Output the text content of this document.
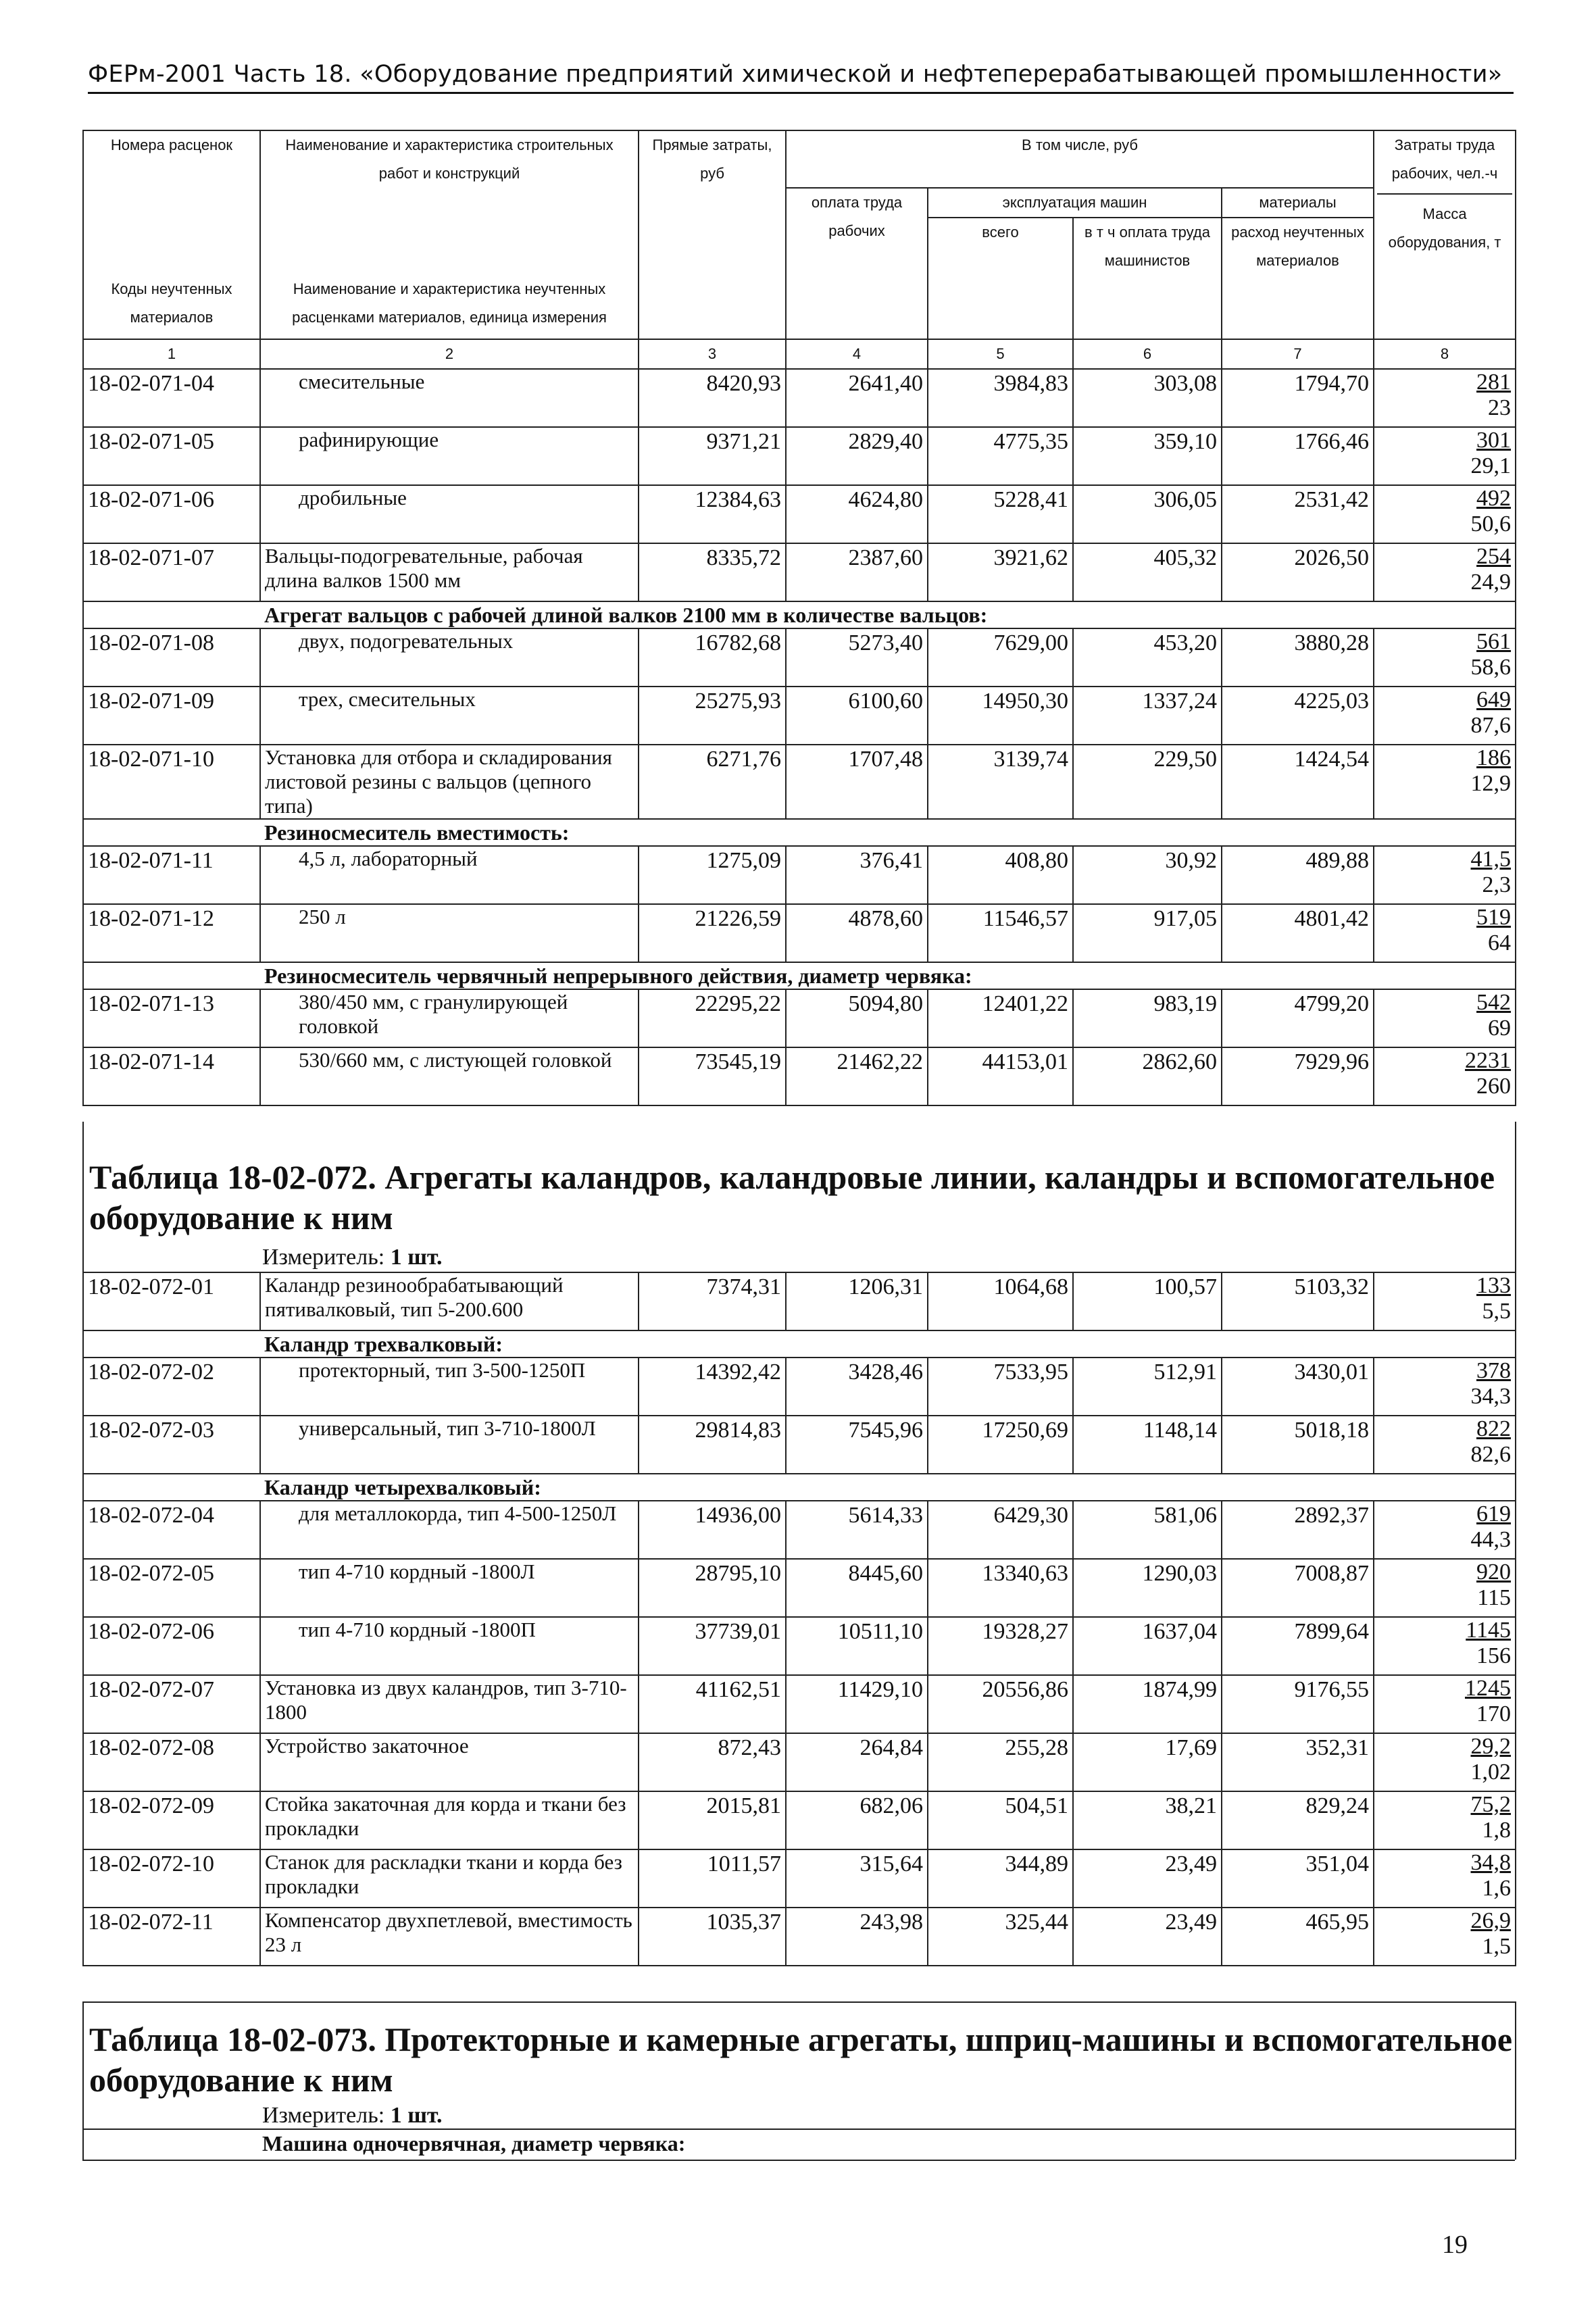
ФЕРм-2001 Часть 18. «Оборудование предприятий химической и нефтеперерабатывающей промышленности»
Номера расценок	Наименование и характеристика строительных работ и конструкций	Прямые затраты, руб	В том числе, руб				Затраты труда рабочих, чел.-ч
Масса оборудования, т

Коды неучтенных материалов	Наименование и характеристика неучтенных расценками материалов, единица измерения		оплата труда рабочих	эксплуатация машин		материалы	
				всего	в т ч оплата труда машинистов	расход неучтенных материалов	
1	2	3	4	5	6	7	8
18-02-071-04	смесительные	8420,93	2641,40	3984,83	303,08	1794,70	281
23

18-02-071-05	рафинирующие	9371,21	2829,40	4775,35	359,10	1766,46	301
29,1

18-02-071-06	дробильные	12384,63	4624,80	5228,41	306,05	2531,42	492
50,6

18-02-071-07	Вальцы-подогревательные, рабочая длина валков 1500 мм	8335,72	2387,60	3921,62	405,32	2026,50	254
24,9

	Агрегат вальцов с рабочей длиной валков 2100 мм в количестве вальцов:						
18-02-071-08	двух, подогревательных	16782,68	5273,40	7629,00	453,20	3880,28	561
58,6

18-02-071-09	трех, смесительных	25275,93	6100,60	14950,30	1337,24	4225,03	649
87,6

18-02-071-10	Установка для отбора и складирования листовой резины с вальцов (цепного типа)	6271,76	1707,48	3139,74	229,50	1424,54	186
12,9

	Резиносмеситель вместимость:						
18-02-071-11	4,5 л, лабораторный	1275,09	376,41	408,80	30,92	489,88	41,5
2,3

18-02-071-12	250 л	21226,59	4878,60	11546,57	917,05	4801,42	519
64

	Резиносмеситель червячный непрерывного действия, диаметр червяка:						
18-02-071-13	380/450 мм, с гранулирующей головкой	22295,22	5094,80	12401,22	983,19	4799,20	542
69

18-02-071-14	530/660 мм, с листующей головкой	73545,19	21462,22	44153,01	2862,60	7929,96	2231
260
Таблица 18-02-072. Агрегаты каландров, каландровые линии, каландры и вспомогательное оборудование к ним
Измеритель: 1 шт.
18-02-072-01	Каландр резинообрабатывающий пятивалковый, тип 5-200.600	7374,31	1206,31	1064,68	100,57	5103,32	133
5,5

	Каландр трехвалковый:						
18-02-072-02	протекторный, тип 3-500-1250П	14392,42	3428,46	7533,95	512,91	3430,01	378
34,3

18-02-072-03	универсальный, тип 3-710-1800Л	29814,83	7545,96	17250,69	1148,14	5018,18	822
82,6

	Каландр четырехвалковый:						
18-02-072-04	для металлокорда, тип 4-500-1250Л	14936,00	5614,33	6429,30	581,06	2892,37	619
44,3

18-02-072-05	тип 4-710 кордный -1800Л	28795,10	8445,60	13340,63	1290,03	7008,87	920
115

18-02-072-06	тип 4-710 кордный -1800П	37739,01	10511,10	19328,27	1637,04	7899,64	1145
156

18-02-072-07	Установка из двух каландров, тип 3-710-1800	41162,51	11429,10	20556,86	1874,99	9176,55	1245
170

18-02-072-08	Устройство закаточное	872,43	264,84	255,28	17,69	352,31	29,2
1,02

18-02-072-09	Стойка закаточная для корда и ткани без прокладки	2015,81	682,06	504,51	38,21	829,24	75,2
1,8

18-02-072-10	Станок для раскладки ткани и корда без прокладки	1011,57	315,64	344,89	23,49	351,04	34,8
1,6

18-02-072-11	Компенсатор двухпетлевой, вместимость 23 л	1035,37	243,98	325,44	23,49	465,95	26,9
1,5
Таблица 18-02-073. Протекторные и камерные агрегаты, шприц-машины и вспомогательное оборудование к ним
Измеритель: 1 шт.
Машина одночервячная, диаметр червяка:
19
